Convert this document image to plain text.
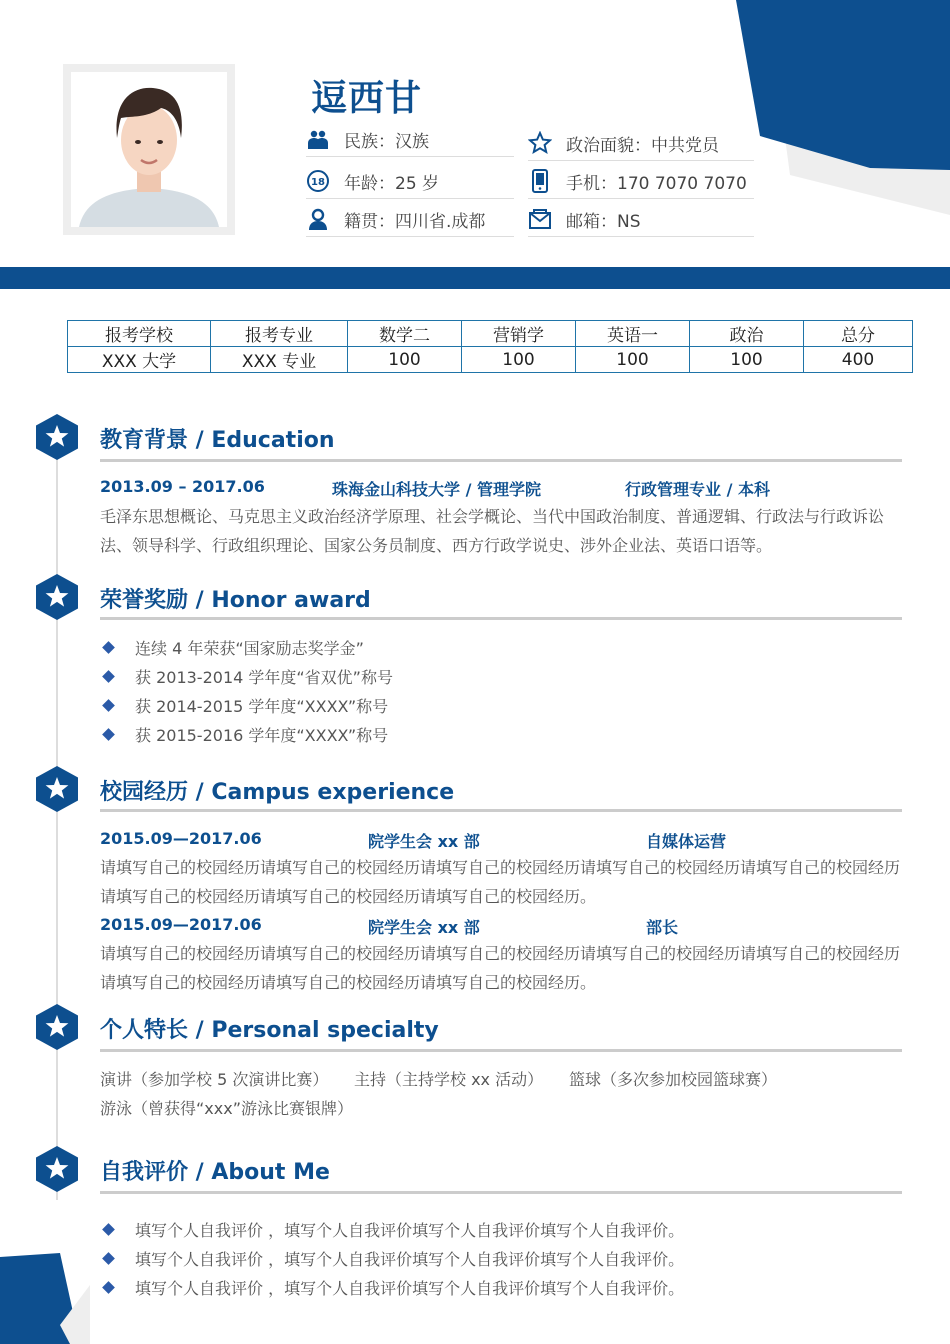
逗西甘
民族：汉族	政治面貌：中共党员
18 年龄：25 岁	手机：170 7070 7070
籍贯：四川省.成都	邮箱：NS
报考学校	报考专业	数学二	营销学	英语一	政治	总分
XXX 大学	XXX 专业	100	100	100	100	400
教育背景 / Education
2013.09 – 2017.06	珠海金山科技大学 / 管理学院	行政管理专业 / 本科
毛泽东思想概论、马克思主义政治经济学原理、社会学概论、当代中国政治制度、普通逻辑、行政法与行政诉讼法、领导科学、行政组织理论、国家公务员制度、西方行政学说史、涉外企业法、英语口语等。
荣誉奖励 / Honor award
连续 4 年荣获“国家励志奖学金”
获 2013-2014 学年度“省双优”称号
获 2014-2015 学年度“XXXX”称号
获 2015-2016 学年度“XXXX”称号
校园经历 / Campus experience
2015.09—2017.06	院学生会 xx 部	自媒体运营
请填写自己的校园经历请填写自己的校园经历请填写自己的校园经历请填写自己的校园经历请填写自己的校园经历请填写自己的校园经历请填写自己的校园经历请填写自己的校园经历。
2015.09—2017.06	院学生会 xx 部	部长
请填写自己的校园经历请填写自己的校园经历请填写自己的校园经历请填写自己的校园经历请填写自己的校园经历请填写自己的校园经历请填写自己的校园经历请填写自己的校园经历。
个人特长 / Personal specialty
演讲（参加学校 5 次演讲比赛） 主持（主持学校 xx 活动） 篮球（多次参加校园篮球赛）
游泳（曾获得“xxx”游泳比赛银牌）
自我评价 / About Me
填写个人自我评价 ，填写个人自我评价填写个人自我评价填写个人自我评价。
填写个人自我评价 ，填写个人自我评价填写个人自我评价填写个人自我评价。
填写个人自我评价 ，填写个人自我评价填写个人自我评价填写个人自我评价。
